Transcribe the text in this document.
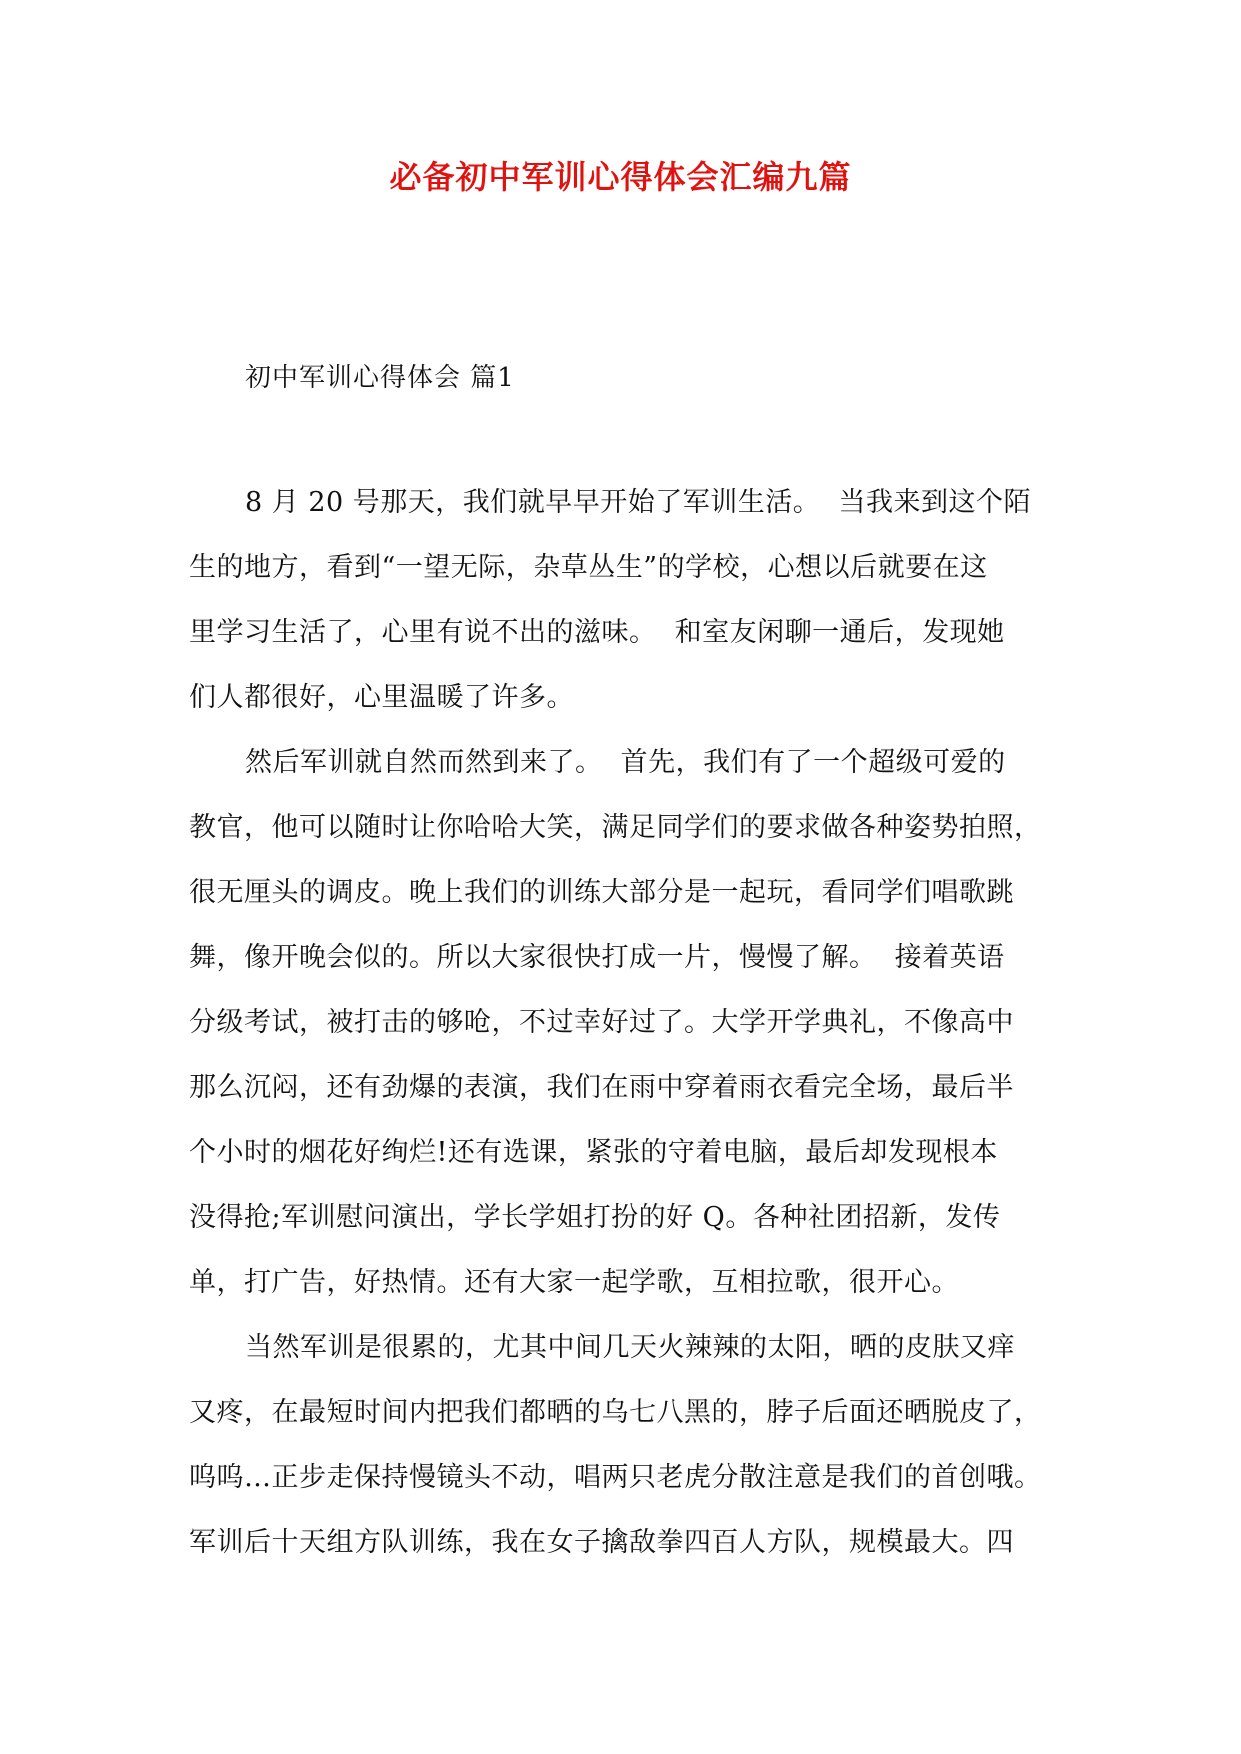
必备初中军训心得体会汇编九篇
初中军训心得体会 篇1
8 月 20 号那天，我们就早早开始了军训生活。  当我来到这个陌
生的地方，看到“一望无际，杂草丛生”的学校，心想以后就要在这
里学习生活了，心里有说不出的滋味。  和室友闲聊一通后，发现她
们人都很好，心里温暖了许多。
然后军训就自然而然到来了。  首先，我们有了一个超级可爱的
教官，他可以随时让你哈哈大笑，满足同学们的要求做各种姿势拍照，
很无厘头的调皮。晚上我们的训练大部分是一起玩，看同学们唱歌跳
舞，像开晚会似的。所以大家很快打成一片，慢慢了解。  接着英语
分级考试，被打击的够呛，不过幸好过了。大学开学典礼，不像高中
那么沉闷，还有劲爆的表演，我们在雨中穿着雨衣看完全场，最后半
个小时的烟花好绚烂!还有选课，紧张的守着电脑，最后却发现根本
没得抢;军训慰问演出，学长学姐打扮的好 Q。各种社团招新，发传
单，打广告，好热情。还有大家一起学歌，互相拉歌，很开心。
当然军训是很累的，尤其中间几天火辣辣的太阳，晒的皮肤又痒
又疼，在最短时间内把我们都晒的乌七八黑的，脖子后面还晒脱皮了，
呜呜…正步走保持慢镜头不动，唱两只老虎分散注意是我们的首创哦。
军训后十天组方队训练，我在女子擒敌拳四百人方队，规模最大。四
